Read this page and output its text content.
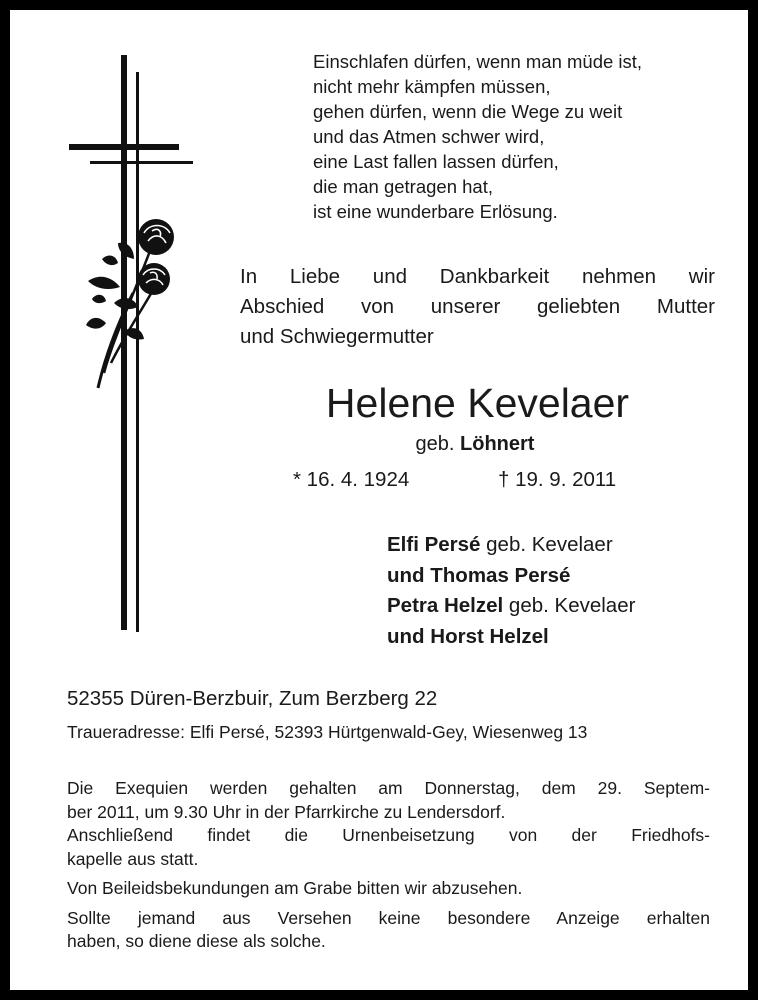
Einschlafen dürfen, wenn man müde ist,
nicht mehr kämpfen müssen,
gehen dürfen, wenn die Wege zu weit
und das Atmen schwer wird,
eine Last fallen lassen dürfen,
die man getragen hat,
ist eine wunderbare Erlösung.
In Liebe und Dankbarkeit nehmen wir
Abschied von unserer geliebten Mutter
und Schwiegermutter
Helene Kevelaer
geb. Löhnert
* 16. 4. 1924	† 19. 9. 2011
Elfi Persé geb. Kevelaer
und Thomas Persé
Petra Helzel geb. Kevelaer
und Horst Helzel
52355 Düren-Berzbuir, Zum Berzberg 22
Traueradresse: Elfi Persé, 52393 Hürtgenwald-Gey, Wiesenweg 13
Die Exequien werden gehalten am Donnerstag, dem 29. Septem-
ber 2011, um 9.30 Uhr in der Pfarrkirche zu Lendersdorf.
Anschließend findet die Urnenbeisetzung von der Friedhofs-
kapelle aus statt.
Von Beileidsbekundungen am Grabe bitten wir abzusehen.
Sollte jemand aus Versehen keine besondere Anzeige erhalten
haben, so diene diese als solche.
